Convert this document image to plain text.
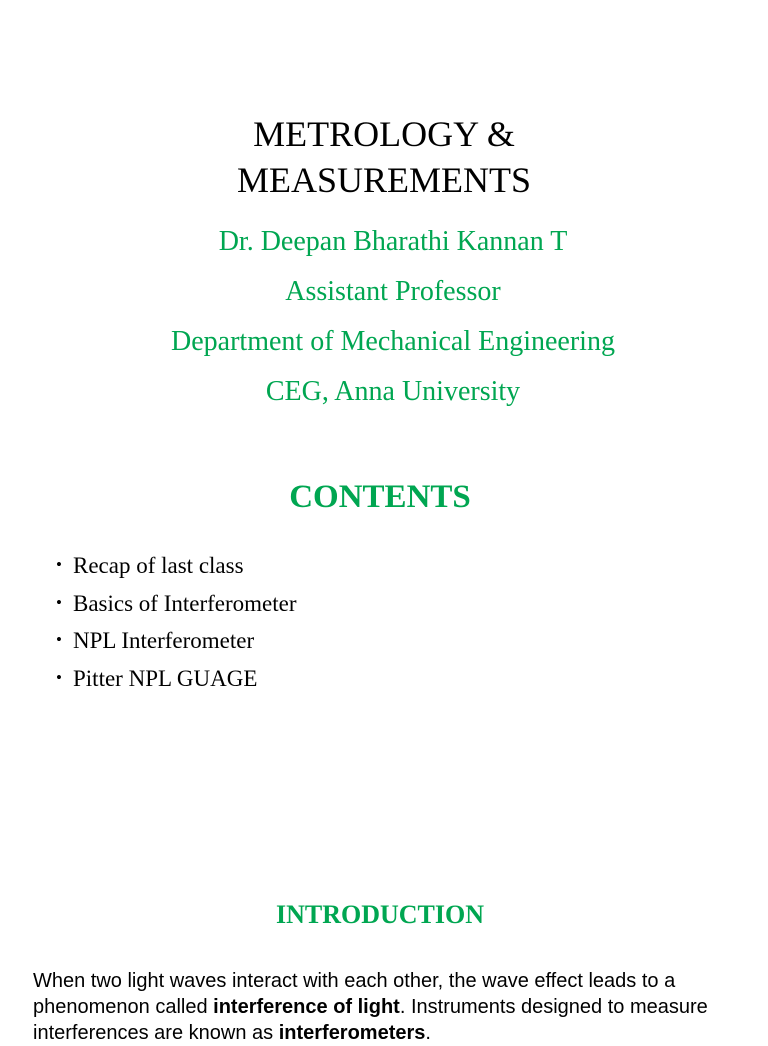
METROLOGY &
MEASUREMENTS

Dr. Deepan Bharathi Kannan T

Assistant Professor

Department of Mechanical Engineering

CEG, Anna University

CONTENTS
• Recap of last class
• Basics of Interferometer
• NPL Interferometer
• Pitter NPL GUAGE
INTRODUCTION

When two light waves interact with each other, the wave effect leads to a phenomenon called interference of light. Instruments designed to measure interferences are known as interferometers.
